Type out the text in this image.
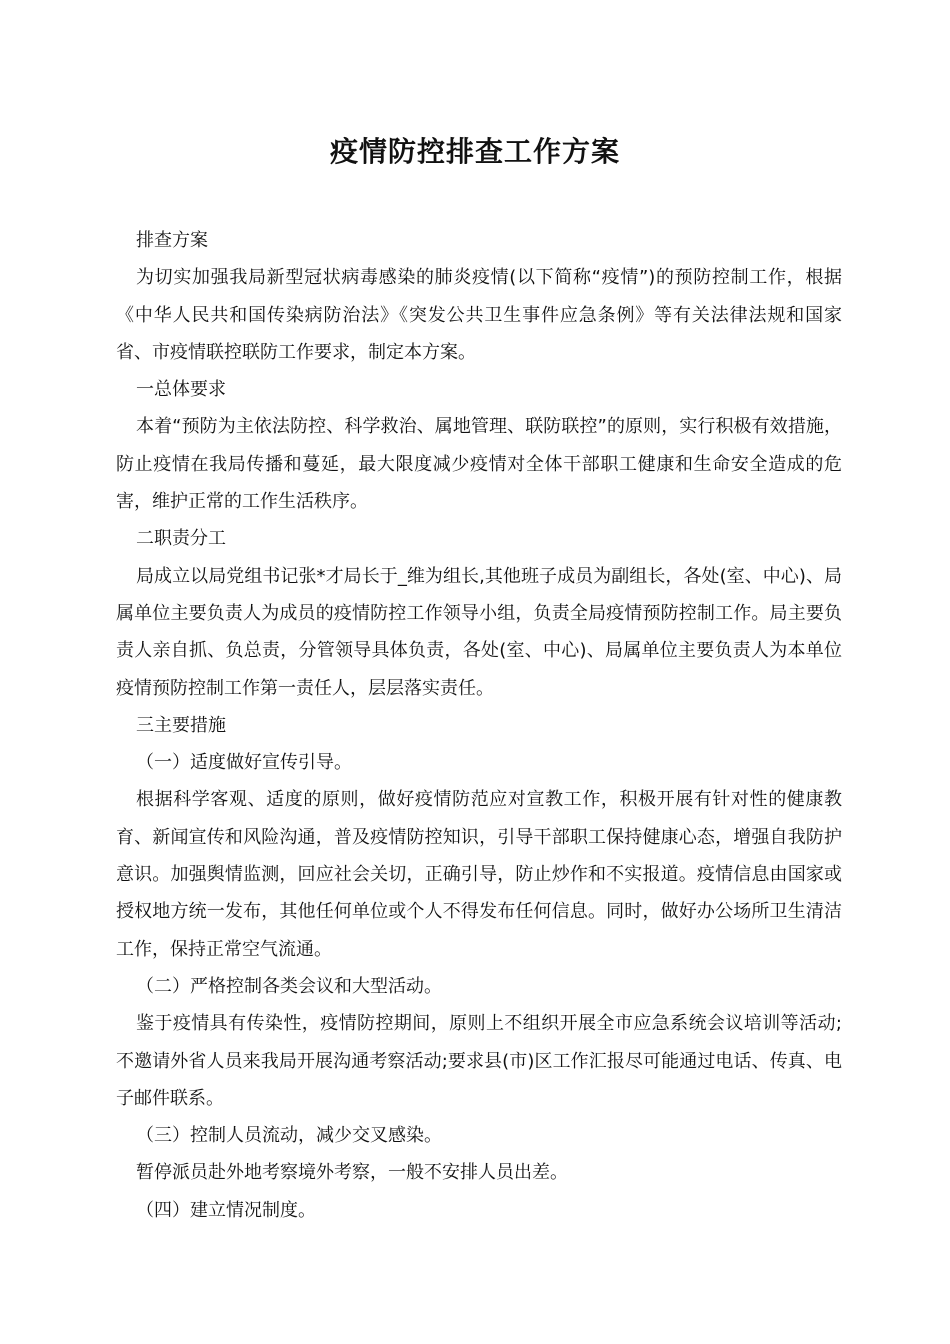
疫情防控排查工作方案

排查方案

为切实加强我局新型冠状病毒感染的肺炎疫情(以下简称“疫情”)的预防控制工作，根据《中华人民共和国传染病防治法》《突发公共卫生事件应急条例》等有关法律法规和国家省、市疫情联控联防工作要求，制定本方案。

一总体要求

本着“预防为主依法防控、科学救治、属地管理、联防联控”的原则，实行积极有效措施，防止疫情在我局传播和蔓延，最大限度减少疫情对全体干部职工健康和生命安全造成的危害，维护正常的工作生活秩序。

二职责分工

局成立以局党组书记张*才局长于_维为组长,其他班子成员为副组长，各处(室、中心)、局属单位主要负责人为成员的疫情防控工作领导小组，负责全局疫情预防控制工作。局主要负责人亲自抓、负总责，分管领导具体负责，各处(室、中心)、局属单位主要负责人为本单位疫情预防控制工作第一责任人，层层落实责任。

三主要措施

（一）适度做好宣传引导。

根据科学客观、适度的原则，做好疫情防范应对宣教工作，积极开展有针对性的健康教育、新闻宣传和风险沟通，普及疫情防控知识，引导干部职工保持健康心态，增强自我防护意识。加强舆情监测，回应社会关切，正确引导，防止炒作和不实报道。疫情信息由国家或授权地方统一发布，其他任何单位或个人不得发布任何信息。同时，做好办公场所卫生清洁工作，保持正常空气流通。

（二）严格控制各类会议和大型活动。

鉴于疫情具有传染性，疫情防控期间，原则上不组织开展全市应急系统会议培训等活动;不邀请外省人员来我局开展沟通考察活动;要求县(市)区工作汇报尽可能通过电话、传真、电子邮件联系。

（三）控制人员流动，减少交叉感染。

暂停派员赴外地考察境外考察，一般不安排人员出差。

（四）建立情况制度。
